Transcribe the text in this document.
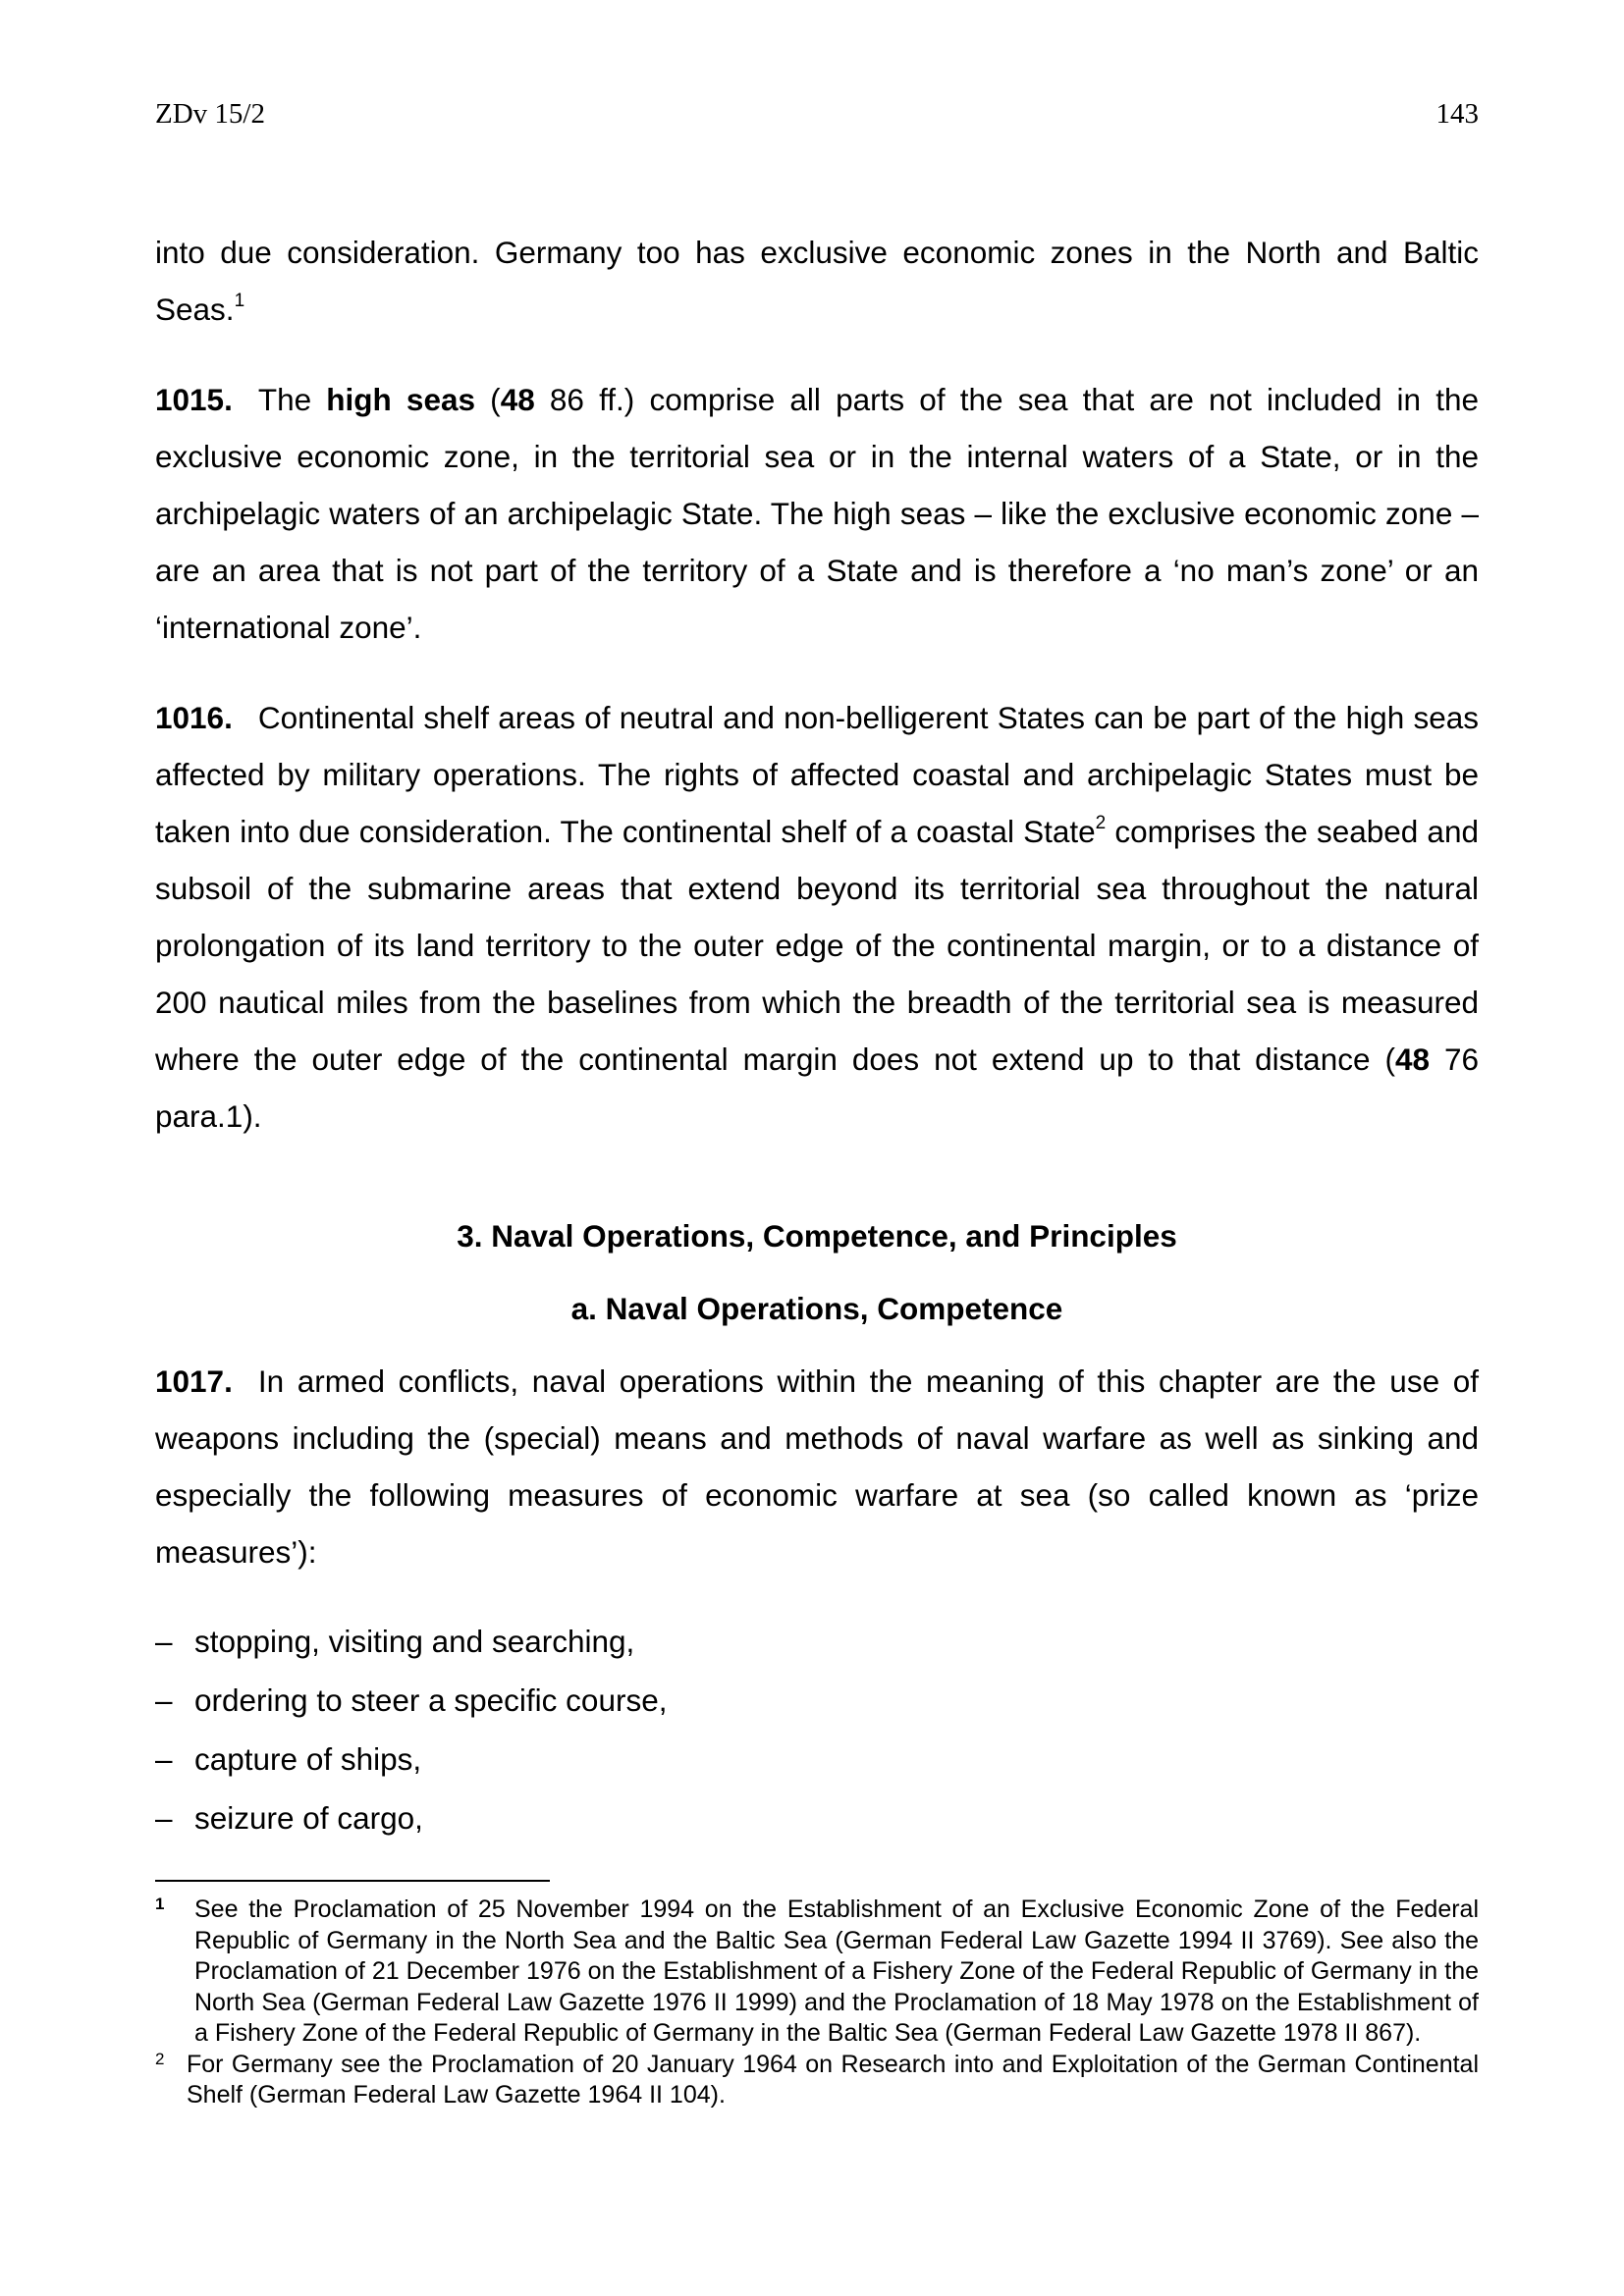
ZDv 15/2	143

into due consideration. Germany too has exclusive economic zones in the North and Baltic Seas.$^1$

1015. The high seas (48 86 ff.) comprise all parts of the sea that are not included in the exclusive economic zone, in the territorial sea or in the internal waters of a State, or in the archipelagic waters of an archipelagic State. The high seas – like the exclusive economic zone – are an area that is not part of the territory of a State and is therefore a ‘no man’s zone’ or an ‘international zone’.

1016. Continental shelf areas of neutral and non-belligerent States can be part of the high seas affected by military operations. The rights of affected coastal and archipelagic States must be taken into due consideration. The continental shelf of a coastal State$^2$ comprises the seabed and subsoil of the submarine areas that extend beyond its territorial sea throughout the natural prolongation of its land territory to the outer edge of the continental margin, or to a distance of 200 nautical miles from the baselines from which the breadth of the territorial sea is measured where the outer edge of the continental margin does not extend up to that distance (48 76 para.1).

3. Naval Operations, Competence, and Principles

a. Naval Operations, Competence

1017. In armed conflicts, naval operations within the meaning of this chapter are the use of weapons including the (special) means and methods of naval warfare as well as sinking and especially the following measures of economic warfare at sea (so called known as ‘prize measures’):

– stopping, visiting and searching,
– ordering to steer a specific course,
– capture of ships,
– seizure of cargo,

1 See the Proclamation of 25 November 1994 on the Establishment of an Exclusive Economic Zone of the Federal Republic of Germany in the North Sea and the Baltic Sea (German Federal Law Gazette 1994 II 3769). See also the Proclamation of 21 December 1976 on the Establishment of a Fishery Zone of the Federal Republic of Germany in the North Sea (German Federal Law Gazette 1976 II 1999) and the Proclamation of 18 May 1978 on the Establishment of a Fishery Zone of the Federal Republic of Germany in the Baltic Sea (German Federal Law Gazette 1978 II 867).

2 For Germany see the Proclamation of 20 January 1964 on Research into and Exploitation of the German Continental Shelf (German Federal Law Gazette 1964 II 104).
